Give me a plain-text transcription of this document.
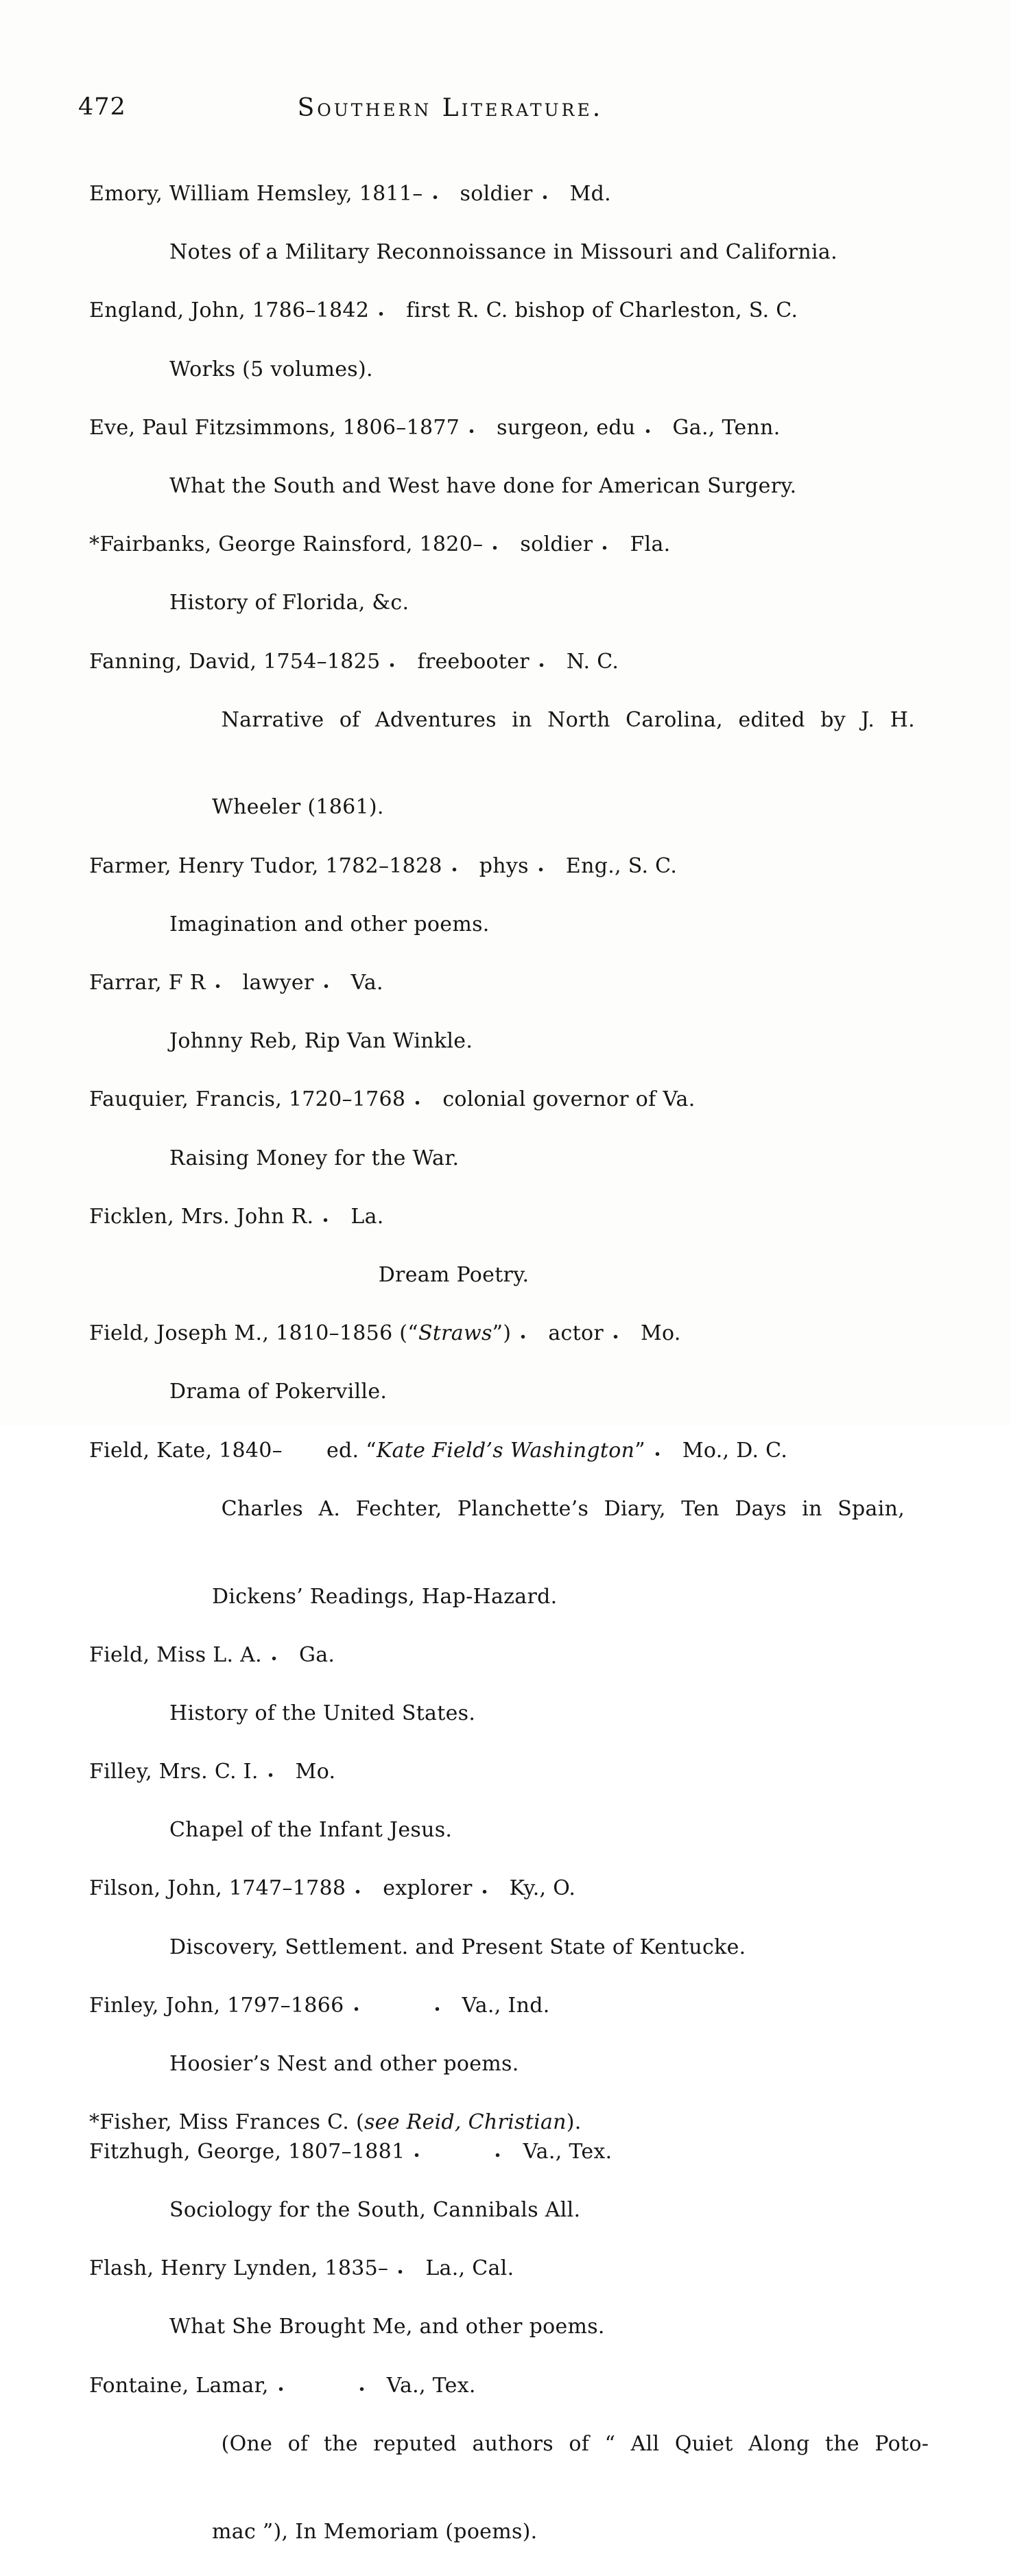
472	Southern Literature.
Emory, William Hemsley, 1811– soldier Md.

Notes of a Military Reconnoissance in Missouri and California.

England, John, 1786–1842 first R. C. bishop of Charleston, S. C.

Works (5 volumes).

Eve, Paul Fitzsimmons, 1806–1877 surgeon, edu Ga., Tenn.

What the South and West have done for American Surgery.

*Fairbanks, George Rainsford, 1820– soldier Fla.

History of Florida, &c.

Fanning, David, 1754–1825 freebooter N. C.

Narrative of Adventures in North Carolina, edited by J. H.

Wheeler (1861).

Farmer, Henry Tudor, 1782–1828 phys Eng., S. C.

Imagination and other poems.

Farrar, F R lawyer Va.

Johnny Reb, Rip Van Winkle.

Fauquier, Francis, 1720–1768 colonial governor of Va.

Raising Money for the War.

Ficklen, Mrs. John R. La.

Dream Poetry.

Field, Joseph M., 1810–1856 (“ Straws ”) actor Mo.

Drama of Pokerville.

Field, Kate, 1840– ed. “ Kate Field’s Washington ” Mo., D. C.

Charles A. Fechter, Planchette’s Diary, Ten Days in Spain,

Dickens’ Readings, Hap-Hazard.

Field, Miss L. A. Ga.

History of the United States.

Filley, Mrs. C. I. Mo.

Chapel of the Infant Jesus.

Filson, John, 1747–1788 explorer Ky., O.

Discovery, Settlement. and Present State of Kentucke.

Finley, John, 1797–1866	Va., Ind.

Hoosier’s Nest and other poems.

*Fisher, Miss Frances C. ( see Reid, Christian ).
Fitzhugh, George, 1807–1881	Va., Tex.

Sociology for the South, Cannibals All.

Flash, Henry Lynden, 1835– La., Cal.

What She Brought Me, and other poems.

Fontaine, Lamar,	Va., Tex.

(One of the reputed authors of “ All Quiet Along the Poto-

mac ”), In Memoriam (poems).
